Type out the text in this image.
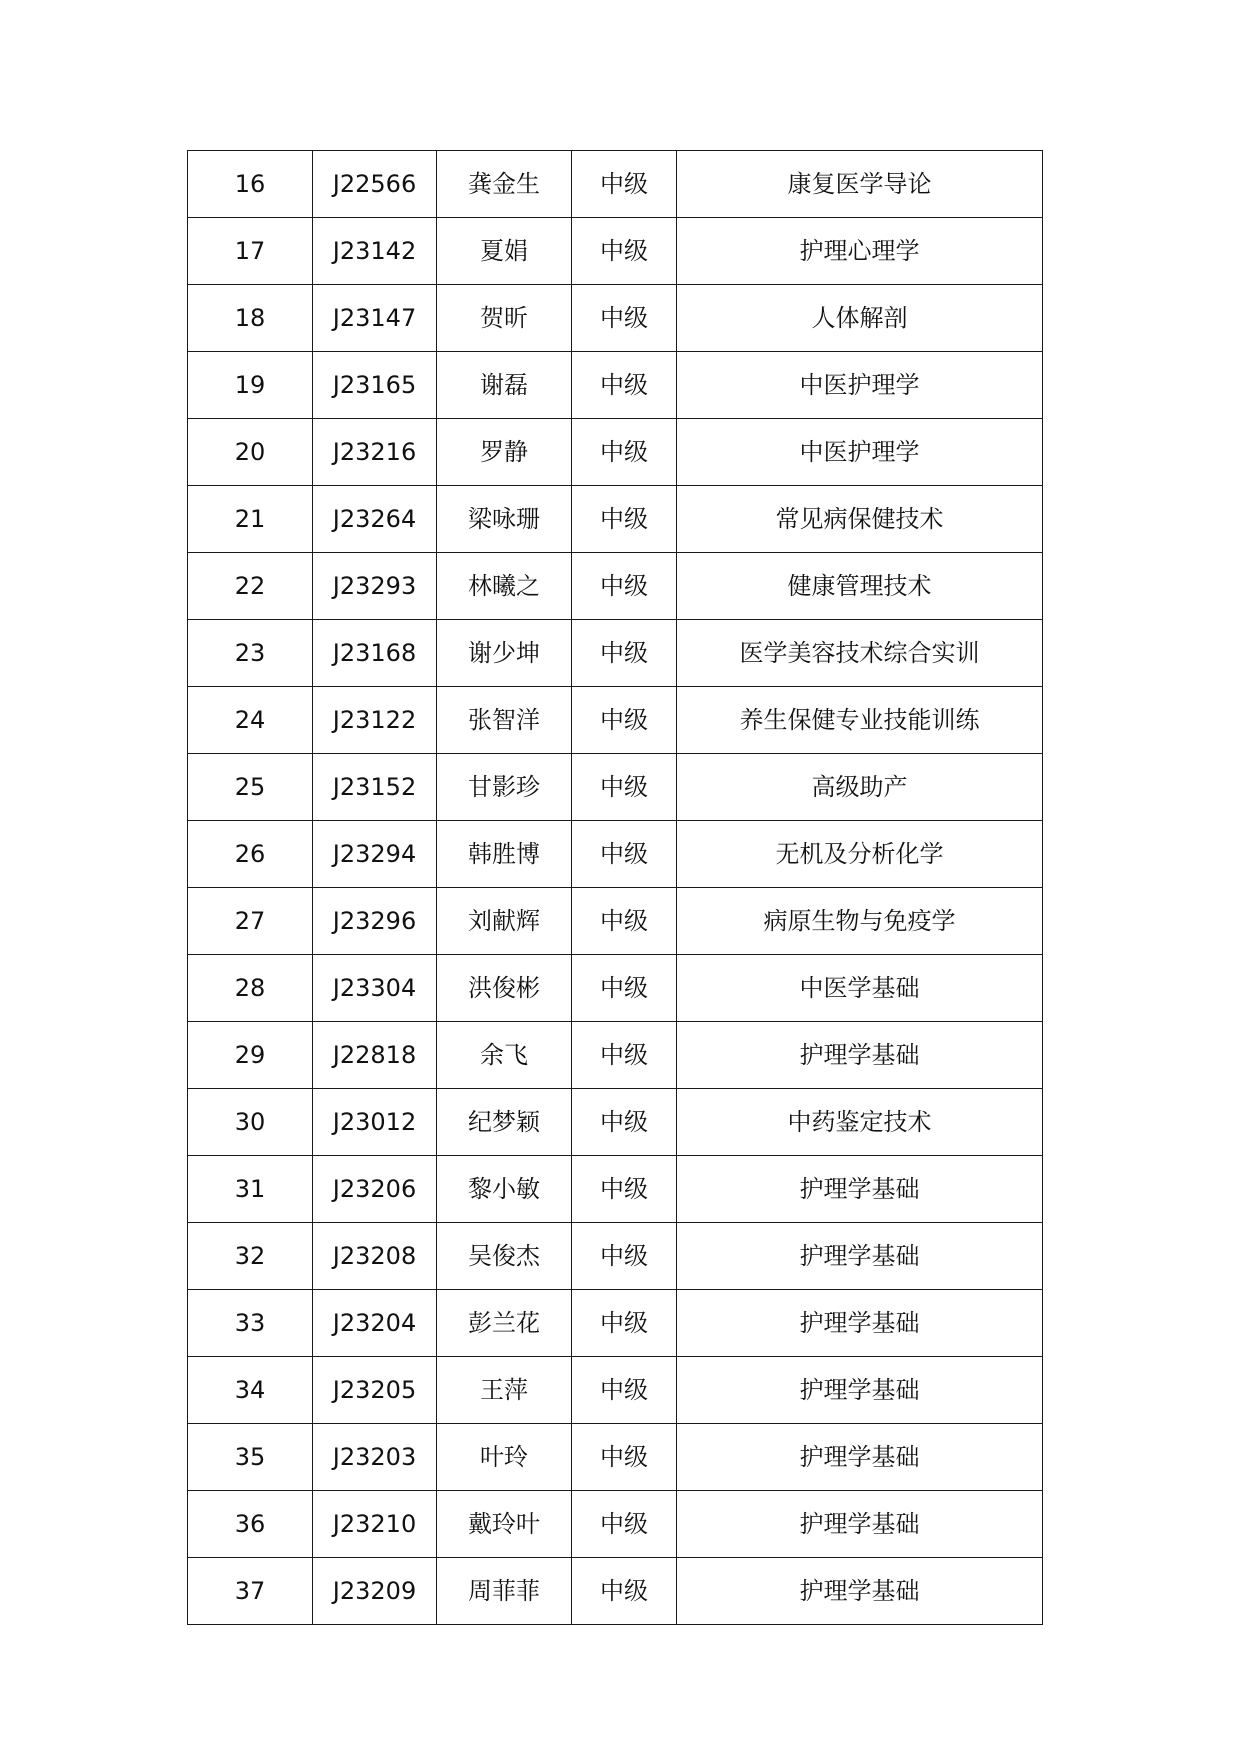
16	J22566	龚金生	中级	康复医学导论
17	J23142	夏娟	中级	护理心理学
18	J23147	贺昕	中级	人体解剖
19	J23165	谢磊	中级	中医护理学
20	J23216	罗静	中级	中医护理学
21	J23264	梁咏珊	中级	常见病保健技术
22	J23293	林曦之	中级	健康管理技术
23	J23168	谢少坤	中级	医学美容技术综合实训
24	J23122	张智洋	中级	养生保健专业技能训练
25	J23152	甘影珍	中级	高级助产
26	J23294	韩胜博	中级	无机及分析化学
27	J23296	刘献辉	中级	病原生物与免疫学
28	J23304	洪俊彬	中级	中医学基础
29	J22818	余飞	中级	护理学基础
30	J23012	纪梦颖	中级	中药鉴定技术
31	J23206	黎小敏	中级	护理学基础
32	J23208	吴俊杰	中级	护理学基础
33	J23204	彭兰花	中级	护理学基础
34	J23205	王萍	中级	护理学基础
35	J23203	叶玲	中级	护理学基础
36	J23210	戴玲叶	中级	护理学基础
37	J23209	周菲菲	中级	护理学基础
